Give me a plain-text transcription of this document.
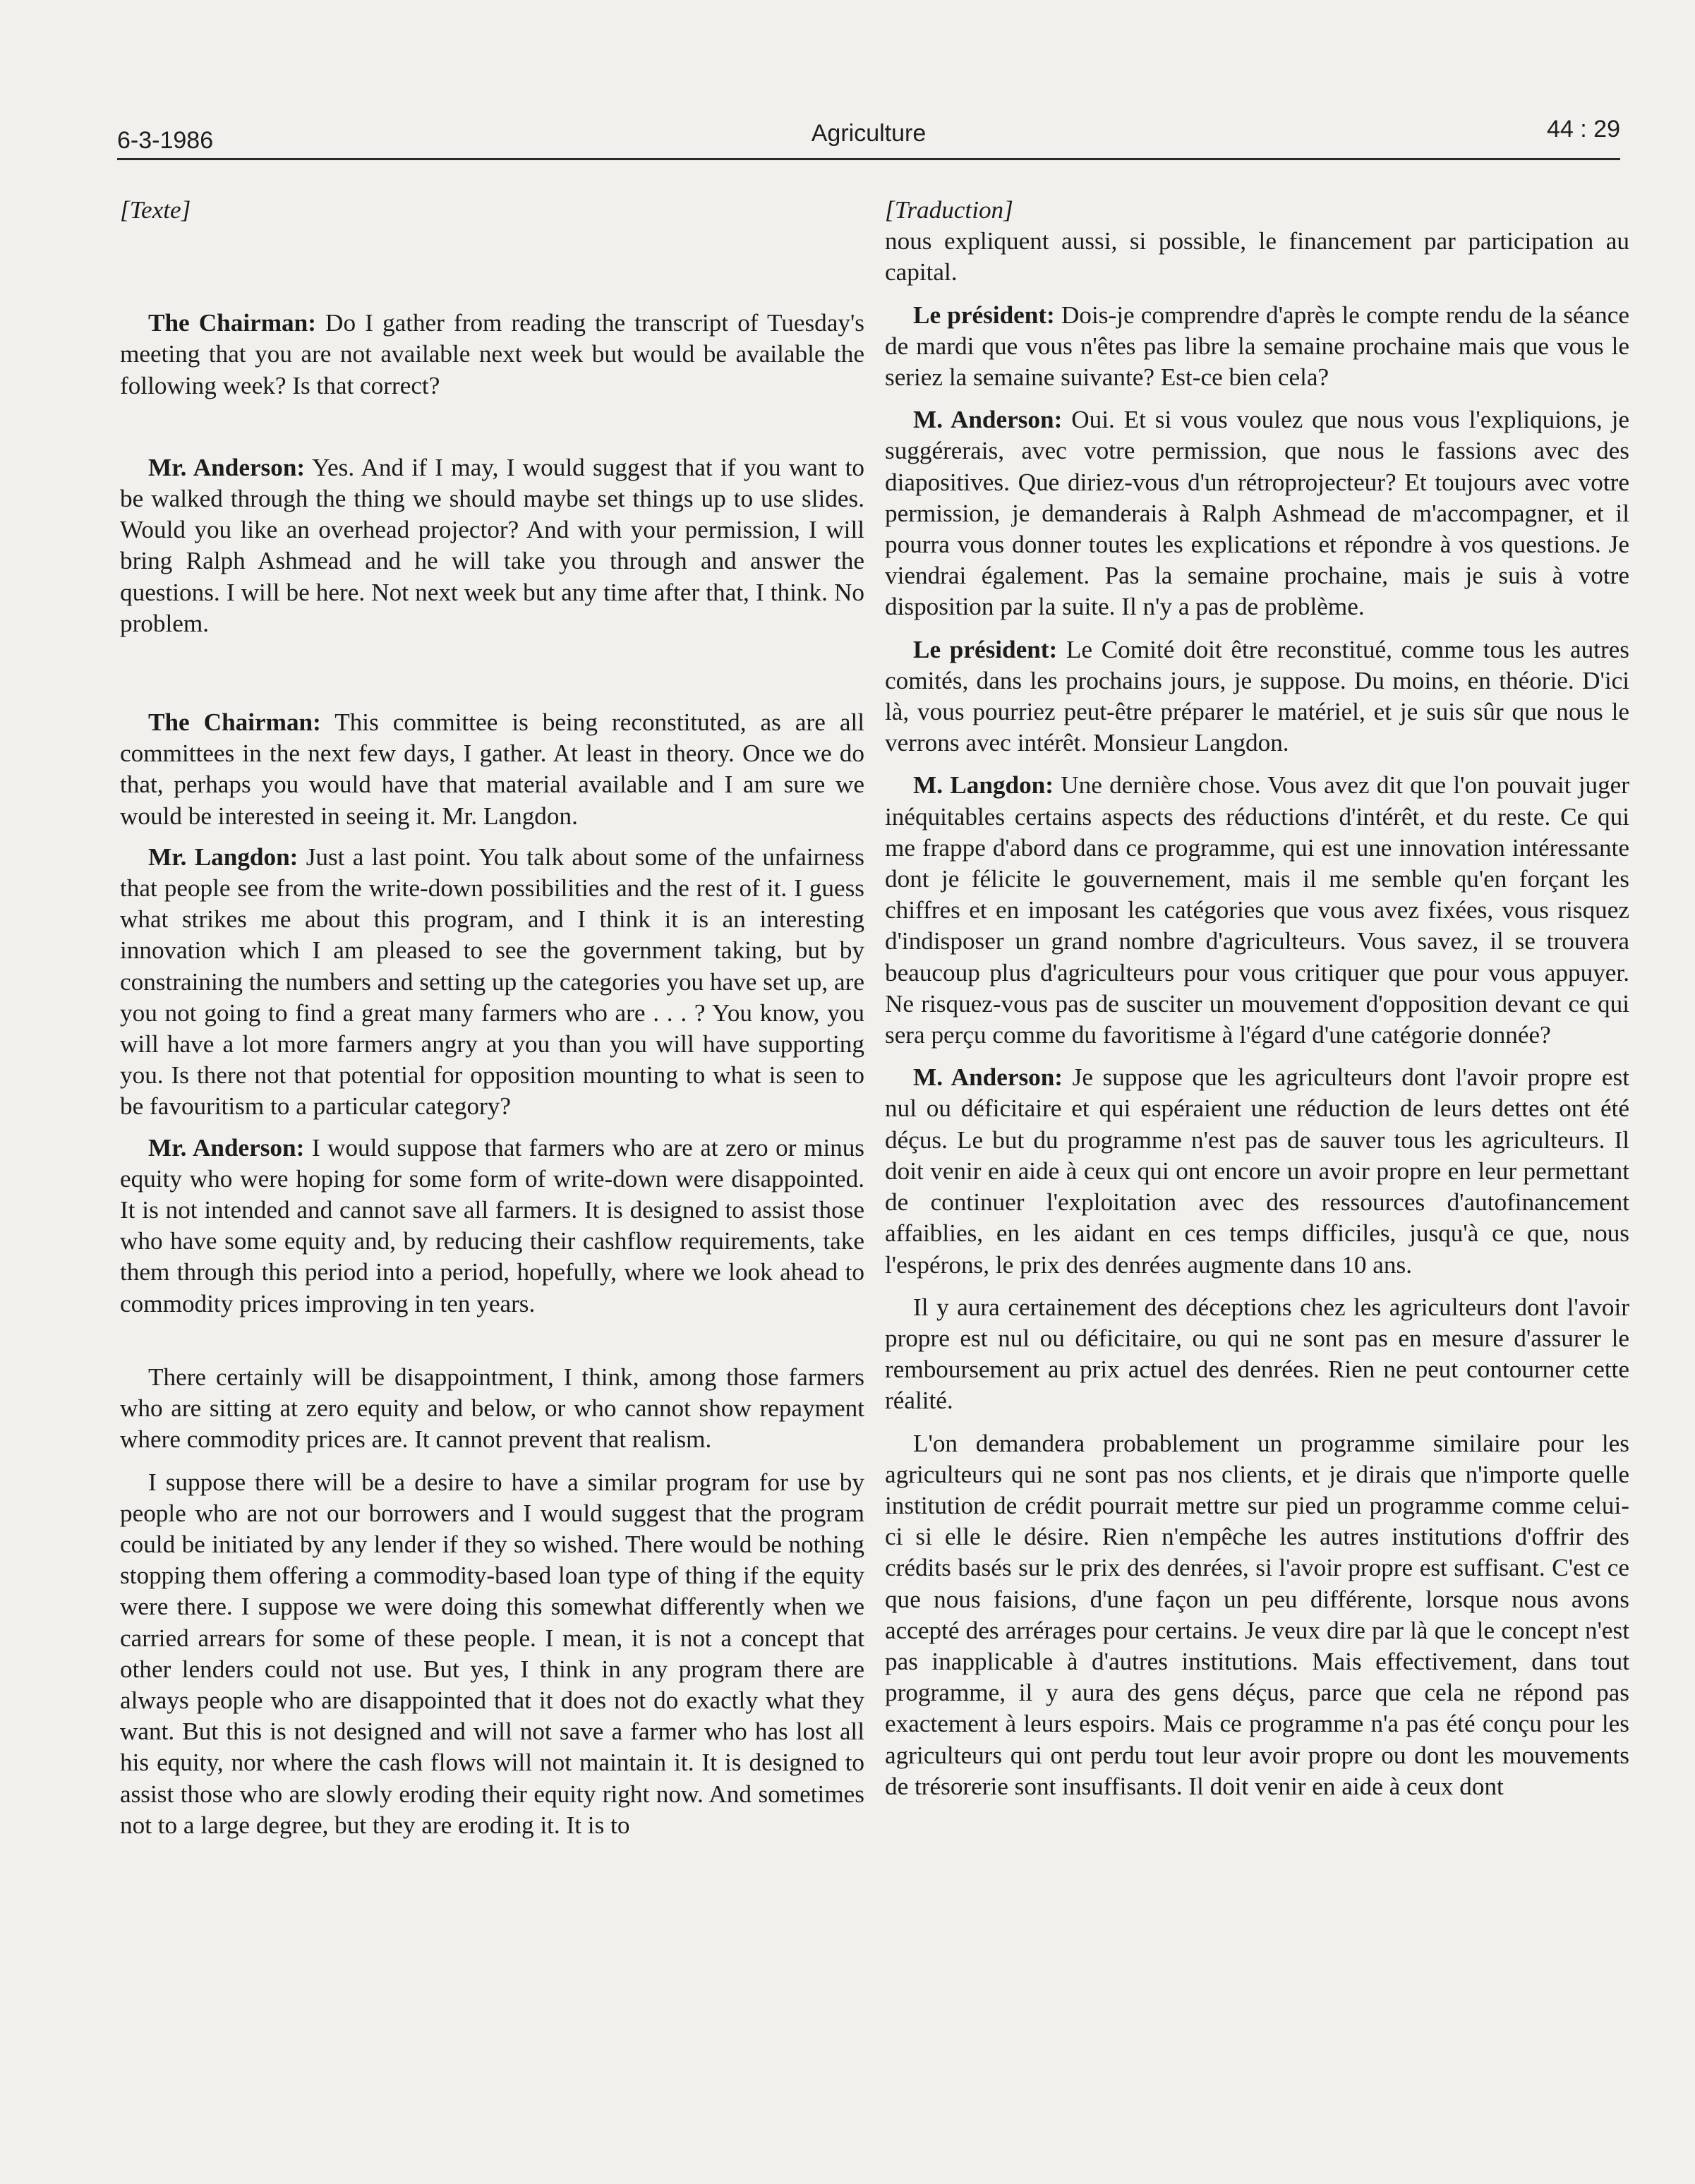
6-3-1986	Agriculture	44 : 29

[Texte]

The Chairman: Do I gather from reading the transcript of Tuesday's meeting that you are not available next week but would be available the following week? Is that correct?

Mr. Anderson: Yes. And if I may, I would suggest that if you want to be walked through the thing we should maybe set things up to use slides. Would you like an overhead projector? And with your permission, I will bring Ralph Ashmead and he will take you through and answer the questions. I will be here. Not next week but any time after that, I think. No problem.

The Chairman: This committee is being reconstituted, as are all committees in the next few days, I gather. At least in theory. Once we do that, perhaps you would have that material available and I am sure we would be interested in seeing it. Mr. Langdon.

Mr. Langdon: Just a last point. You talk about some of the unfairness that people see from the write-down possibilities and the rest of it. I guess what strikes me about this program, and I think it is an interesting innovation which I am pleased to see the government taking, but by constraining the numbers and setting up the categories you have set up, are you not going to find a great many farmers who are . . . ? You know, you will have a lot more farmers angry at you than you will have supporting you. Is there not that potential for opposition mounting to what is seen to be favouritism to a particular category?

Mr. Anderson: I would suppose that farmers who are at zero or minus equity who were hoping for some form of write-down were disappointed. It is not intended and cannot save all farmers. It is designed to assist those who have some equity and, by reducing their cashflow requirements, take them through this period into a period, hopefully, where we look ahead to commodity prices improving in ten years.

There certainly will be disappointment, I think, among those farmers who are sitting at zero equity and below, or who cannot show repayment where commodity prices are. It cannot prevent that realism.

I suppose there will be a desire to have a similar program for use by people who are not our borrowers and I would suggest that the program could be initiated by any lender if they so wished. There would be nothing stopping them offering a commodity-based loan type of thing if the equity were there. I suppose we were doing this somewhat differently when we carried arrears for some of these people. I mean, it is not a concept that other lenders could not use. But yes, I think in any program there are always people who are disappointed that it does not do exactly what they want. But this is not designed and will not save a farmer who has lost all his equity, nor where the cash flows will not maintain it. It is designed to assist those who are slowly eroding their equity right now. And sometimes not to a large degree, but they are eroding it. It is to

[Traduction]

nous expliquent aussi, si possible, le financement par participation au capital.

Le président: Dois-je comprendre d'après le compte rendu de la séance de mardi que vous n'êtes pas libre la semaine prochaine mais que vous le seriez la semaine suivante? Est-ce bien cela?

M. Anderson: Oui. Et si vous voulez que nous vous l'expliquions, je suggérerais, avec votre permission, que nous le fassions avec des diapositives. Que diriez-vous d'un rétroprojecteur? Et toujours avec votre permission, je demanderais à Ralph Ashmead de m'accompagner, et il pourra vous donner toutes les explications et répondre à vos questions. Je viendrai également. Pas la semaine prochaine, mais je suis à votre disposition par la suite. Il n'y a pas de problème.

Le président: Le Comité doit être reconstitué, comme tous les autres comités, dans les prochains jours, je suppose. Du moins, en théorie. D'ici là, vous pourriez peut-être préparer le matériel, et je suis sûr que nous le verrons avec intérêt. Monsieur Langdon.

M. Langdon: Une dernière chose. Vous avez dit que l'on pouvait juger inéquitables certains aspects des réductions d'intérêt, et du reste. Ce qui me frappe d'abord dans ce programme, qui est une innovation intéressante dont je félicite le gouvernement, mais il me semble qu'en forçant les chiffres et en imposant les catégories que vous avez fixées, vous risquez d'indisposer un grand nombre d'agriculteurs. Vous savez, il se trouvera beaucoup plus d'agriculteurs pour vous critiquer que pour vous appuyer. Ne risquez-vous pas de susciter un mouvement d'opposition devant ce qui sera perçu comme du favoritisme à l'égard d'une catégorie donnée?

M. Anderson: Je suppose que les agriculteurs dont l'avoir propre est nul ou déficitaire et qui espéraient une réduction de leurs dettes ont été déçus. Le but du programme n'est pas de sauver tous les agriculteurs. Il doit venir en aide à ceux qui ont encore un avoir propre en leur permettant de continuer l'exploitation avec des ressources d'autofinancement affaiblies, en les aidant en ces temps difficiles, jusqu'à ce que, nous l'espérons, le prix des denrées augmente dans 10 ans.

Il y aura certainement des déceptions chez les agriculteurs dont l'avoir propre est nul ou déficitaire, ou qui ne sont pas en mesure d'assurer le remboursement au prix actuel des denrées. Rien ne peut contourner cette réalité.

L'on demandera probablement un programme similaire pour les agriculteurs qui ne sont pas nos clients, et je dirais que n'importe quelle institution de crédit pourrait mettre sur pied un programme comme celui-ci si elle le désire. Rien n'empêche les autres institutions d'offrir des crédits basés sur le prix des denrées, si l'avoir propre est suffisant. C'est ce que nous faisions, d'une façon un peu différente, lorsque nous avons accepté des arrérages pour certains. Je veux dire par là que le concept n'est pas inapplicable à d'autres institutions. Mais effectivement, dans tout programme, il y aura des gens déçus, parce que cela ne répond pas exactement à leurs espoirs. Mais ce programme n'a pas été conçu pour les agriculteurs qui ont perdu tout leur avoir propre ou dont les mouvements de trésorerie sont insuffisants. Il doit venir en aide à ceux dont
